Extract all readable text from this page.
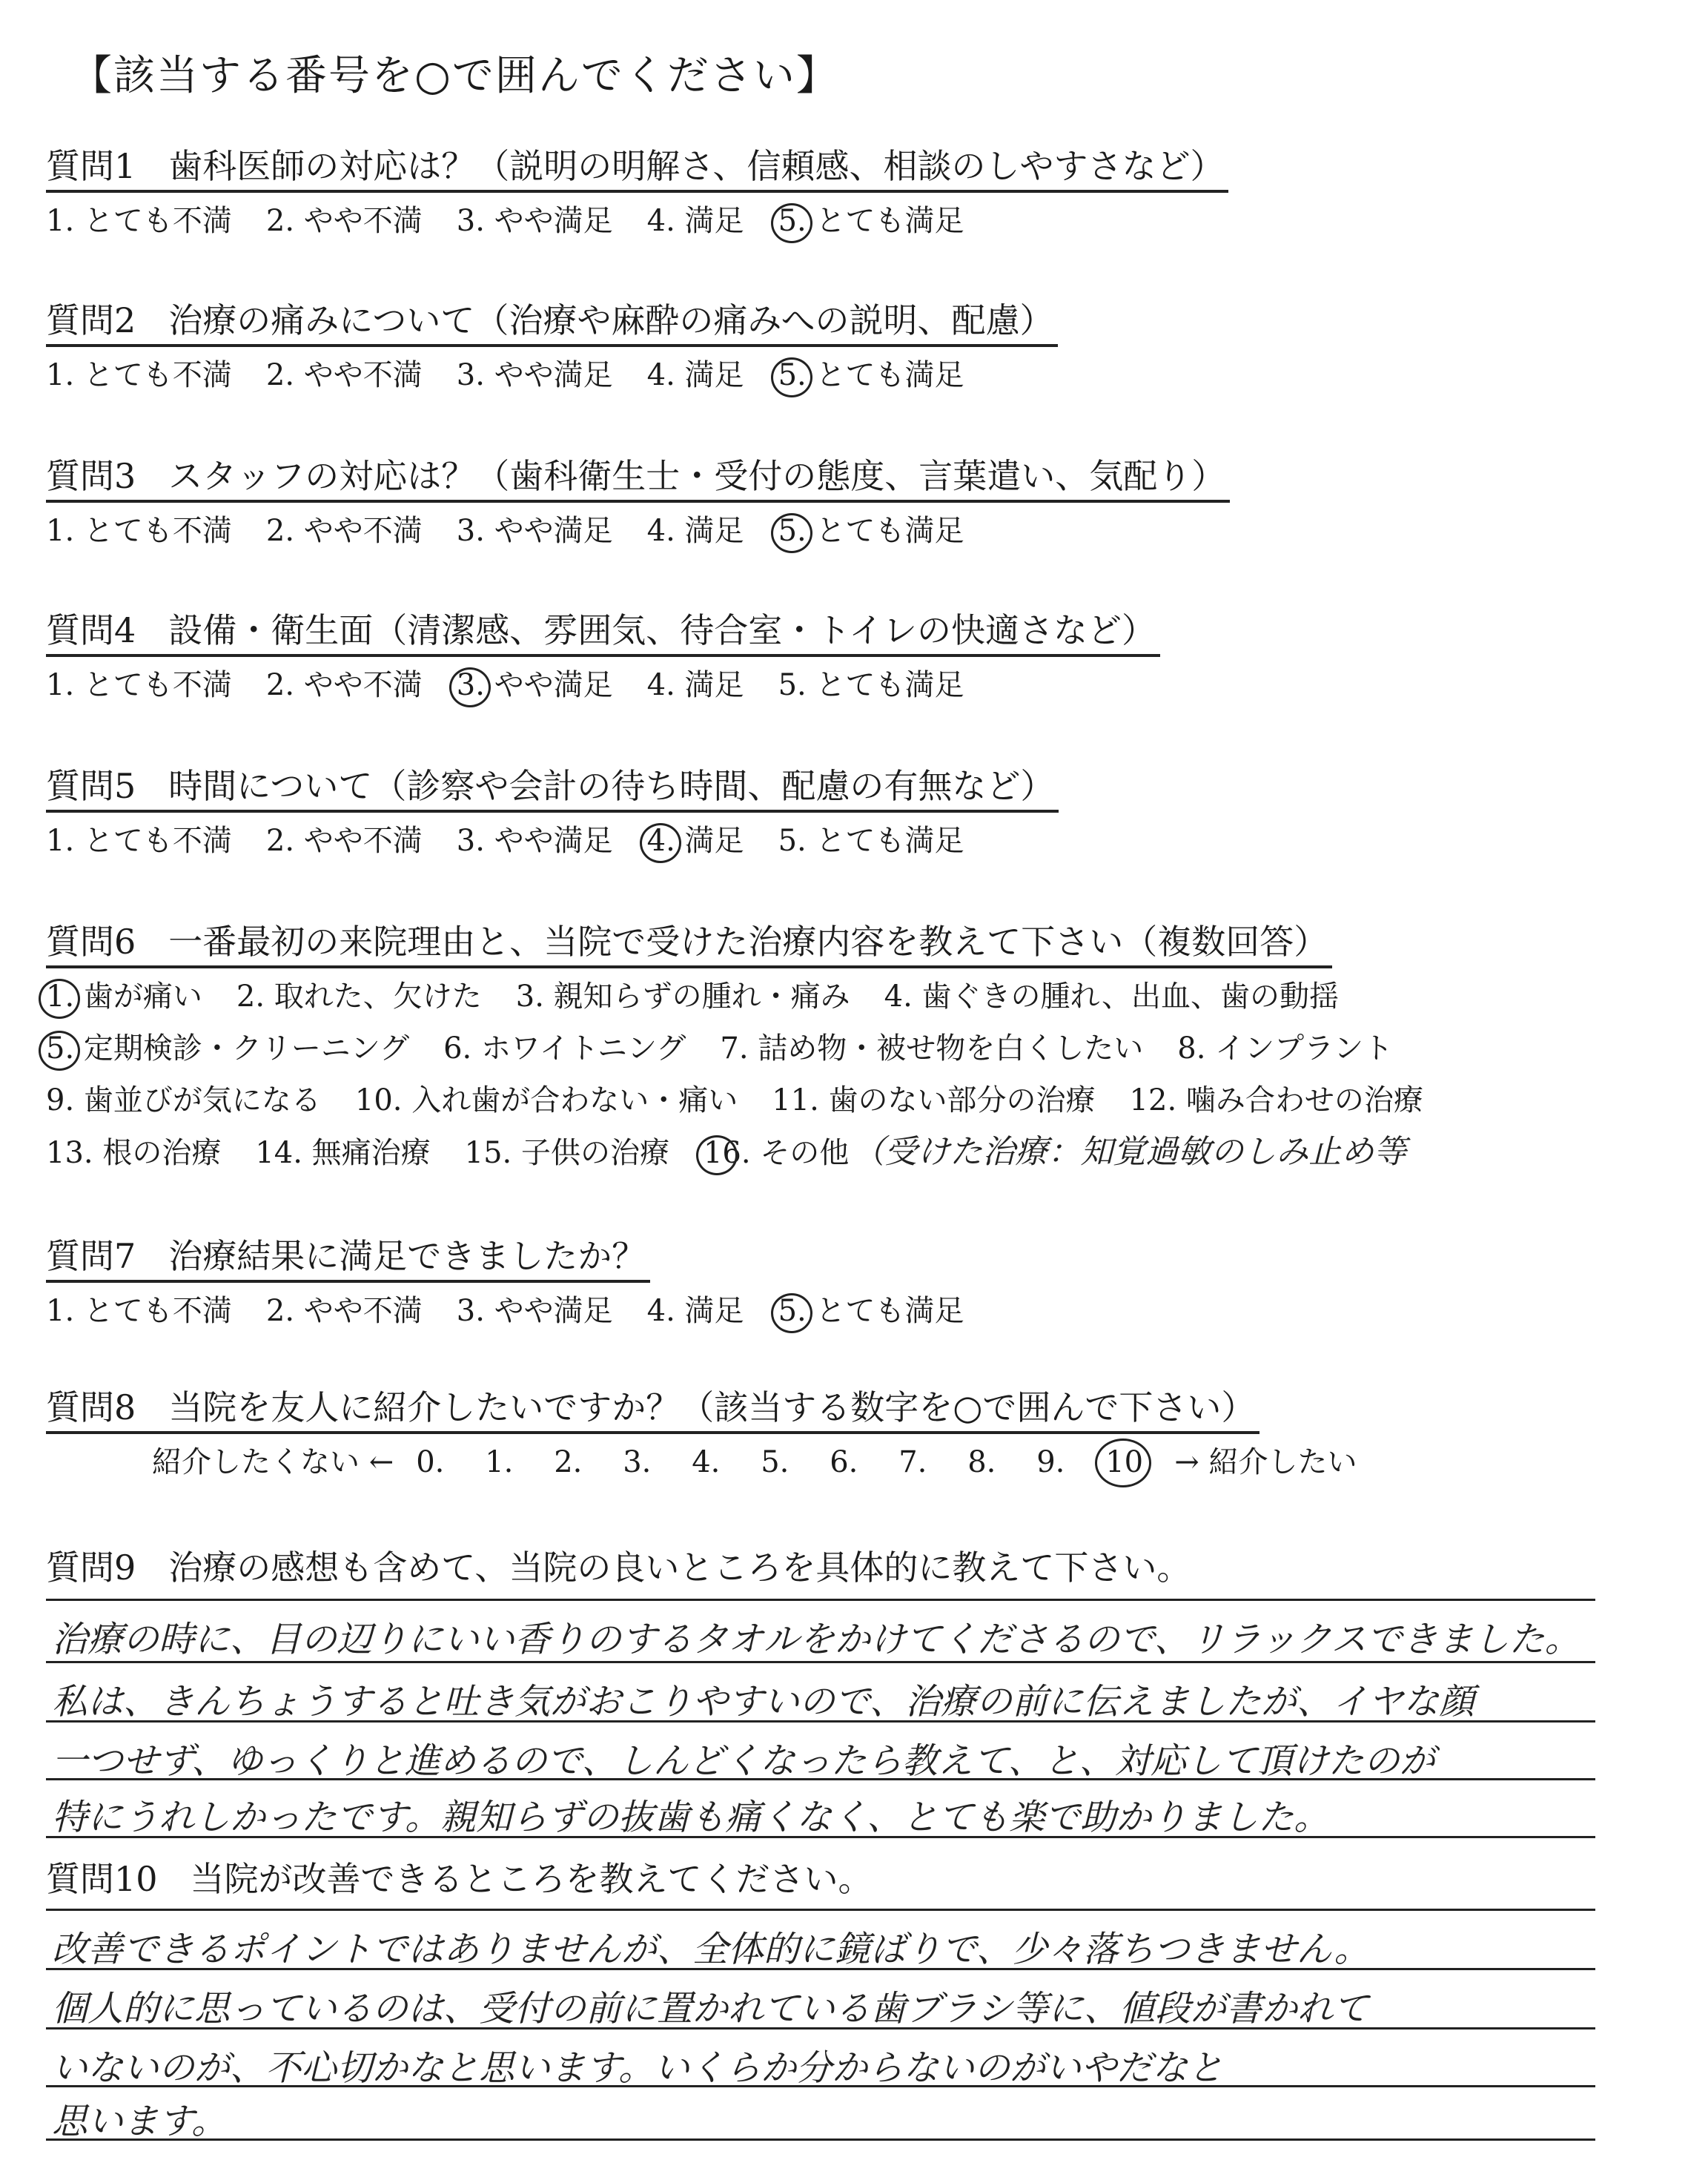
【該当する番号を○で囲んでください】
質問1 歯科医師の対応は？（説明の明解さ、信頼感、相談のしやすさなど）
1. とても不満 2. やや不満 3. やや満足 4. 満足 5. とても満足
質問2 治療の痛みについて（治療や麻酔の痛みへの説明、配慮）
1. とても不満 2. やや不満 3. やや満足 4. 満足 5. とても満足
質問3 スタッフの対応は？（歯科衛生士・受付の態度、言葉遣い、気配り）
1. とても不満 2. やや不満 3. やや満足 4. 満足 5. とても満足
質問4 設備・衛生面（清潔感、雰囲気、待合室・トイレの快適さなど）
1. とても不満 2. やや不満 3. やや満足 4. 満足 5. とても満足
質問5 時間について（診察や会計の待ち時間、配慮の有無など）
1. とても不満 2. やや不満 3. やや満足 4. 満足 5. とても満足
質問6 一番最初の来院理由と、当院で受けた治療内容を教えて下さい（複数回答）
1. 歯が痛い 2. 取れた、欠けた 3. 親知らずの腫れ・痛み 4. 歯ぐきの腫れ、出血、歯の動揺
5. 定期検診・クリーニング 6. ホワイトニング 7. 詰め物・被せ物を白くしたい 8. インプラント
9. 歯並びが気になる 10. 入れ歯が合わない・痛い 11. 歯のない部分の治療 12. 噛み合わせの治療
13. 根の治療 14. 無痛治療 15. 子供の治療 16. その他（受けた治療：知覚過敏のしみ止め等
質問7 治療結果に満足できましたか？
1. とても不満 2. やや不満 3. やや満足 4. 満足 5. とても満足
質問8 当院を友人に紹介したいですか？（該当する数字を○で囲んで下さい）
紹介したくない ← 0. 1. 2. 3. 4. 5. 6. 7. 8. 9. 10 → 紹介したい
質問9 治療の感想も含めて、当院の良いところを具体的に教えて下さい。
治療の時に、目の辺りにいい香りのするタオルをかけてくださるので、リラックスできました。
私は、きんちょうすると吐き気がおこりやすいので、治療の前に伝えましたが、イヤな顔
一つせず、ゆっくりと進めるので、しんどくなったら教えて、と、対応して頂けたのが
特にうれしかったです。親知らずの抜歯も痛くなく、とても楽で助かりました。
質問10 当院が改善できるところを教えてください。
改善できるポイントではありませんが、全体的に鏡ばりで、少々落ちつきません。
個人的に思っているのは、受付の前に置かれている歯ブラシ等に、値段が書かれて
いないのが、不心切かなと思います。いくらか分からないのがいやだなと
思います。
